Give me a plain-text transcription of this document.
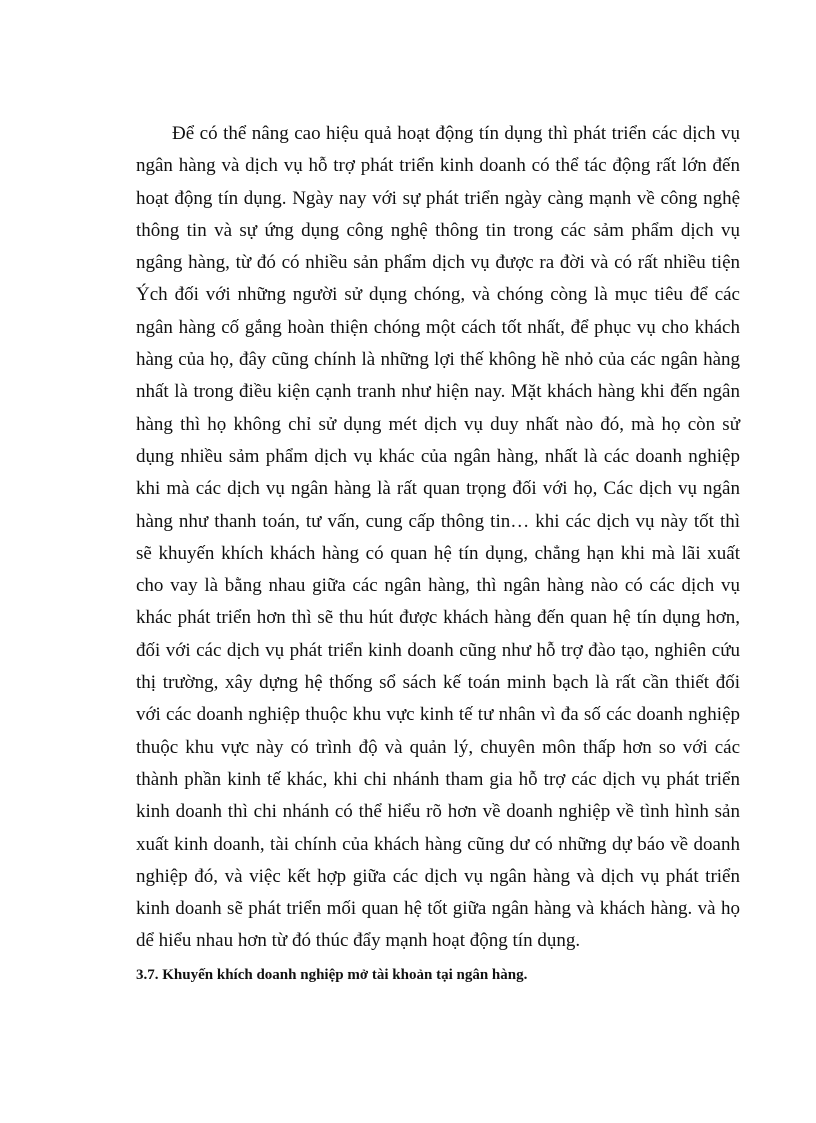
Để có thể nâng cao hiệu quả hoạt động tín dụng thì phát triển các dịch vụ
ngân hàng và dịch vụ hỗ trợ phát triển kinh doanh có thể tác động rất lớn đến
hoạt động tín dụng. Ngày nay với sự phát triển ngày càng mạnh về công nghệ
thông tin và sự ứng dụng công nghệ thông tin trong các sảm phẩm dịch vụ
ngâng hàng, từ đó có nhiều sản phẩm dịch vụ được ra đời và có rất nhiều tiện
Ých đối với những người sử dụng chóng, và chóng còng là mục tiêu để các
ngân hàng cố gắng hoàn thiện chóng một cách tốt nhất, để phục vụ cho khách
hàng của họ, đây cũng chính là những lợi thế không hề nhỏ của các ngân hàng
nhất là trong điều kiện cạnh tranh như hiện nay. Mặt khách hàng khi đến ngân
hàng thì họ không chỉ sử dụng mét dịch vụ duy nhất nào đó, mà họ còn sử
dụng nhiều sảm phẩm dịch vụ khác của ngân hàng, nhất là các doanh nghiệp
khi mà các dịch vụ ngân hàng là rất quan trọng đối với họ, Các dịch vụ ngân
hàng như thanh toán, tư vấn, cung cấp thông tin… khi các dịch vụ này tốt thì
sẽ khuyến khích khách hàng có quan hệ tín dụng, chẳng hạn khi mà lãi xuất
cho vay là bằng nhau giữa các ngân hàng, thì ngân hàng nào có các dịch vụ
khác phát triển hơn thì sẽ thu hút được khách hàng đến quan hệ tín dụng hơn,
đối với các dịch vụ phát triển kinh doanh cũng như hỗ trợ đào tạo, nghiên cứu
thị trường, xây dựng hệ thống sổ sách kế toán minh bạch là rất cần thiết đối
với các doanh nghiệp thuộc khu vực kinh tế tư nhân vì đa số các doanh nghiệp
thuộc khu vực này có trình độ và quản lý, chuyên môn thấp hơn so với các
thành phần kinh tế khác, khi chi nhánh tham gia hỗ trợ các dịch vụ phát triển
kinh doanh thì chi nhánh có thể hiểu rõ hơn về doanh nghiệp về tình hình sản
xuất kinh doanh, tài chính của khách hàng cũng dư có những dự báo về doanh
nghiệp đó, và việc kết hợp giữa các dịch vụ ngân hàng và dịch vụ phát triển
kinh doanh sẽ phát triển mối quan hệ tốt giữa ngân hàng và khách hàng. và họ
dể hiểu nhau hơn từ đó thúc đẩy mạnh hoạt động tín dụng.
3.7. Khuyến khích doanh nghiệp mở tài khoản tại ngân hàng.
